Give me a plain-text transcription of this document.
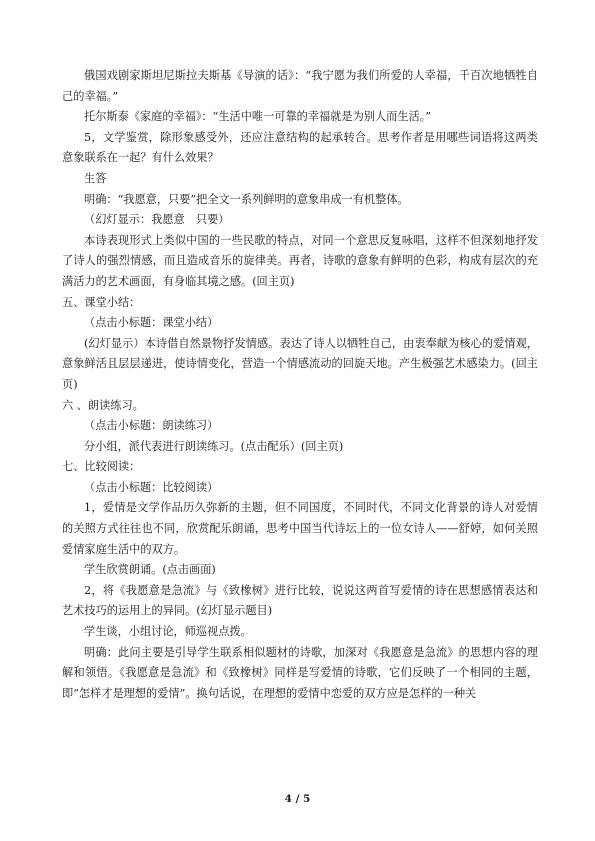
俄国戏剧家斯坦尼斯拉夫斯基《导演的话》：“我宁愿为我们所爱的人幸福，千百次地牺牲自己的幸福。”

托尔斯泰《家庭的幸福》：“生活中唯一可靠的幸福就是为别人而生活。”

5，文学鉴赏，除形象感受外，还应注意结构的起承转合。思考作者是用哪些词语将这两类意象联系在一起？有什么效果？

生答

明确：“我愿意，只要”把全文一系列鲜明的意象串成一有机整体。

（幻灯显示：我愿意　只要）

本诗表现形式上类似中国的一些民歌的特点，对同一个意思反复咏唱，这样不但深刻地抒发了诗人的强烈情感，而且造成音乐的旋律美。再者，诗歌的意象有鲜明的色彩，构成有层次的充满活力的艺术画面，有身临其境之感。(回主页)

五、课堂小结：

（点击小标题：课堂小结）

(幻灯显示）本诗借自然景物抒发情感。表达了诗人以牺牲自己，由衷奉献为核心的爱情观，意象鲜活且层层递进，使诗情变化，营造一个情感流动的回旋天地。产生极强艺术感染力。(回主页)

六 、朗读练习。

（点击小标题：朗读练习）

分小组，派代表进行朗读练习。(点击配乐）(回主页)

七、比较阅读：

（点击小标题：比较阅读）

1，爱情是文学作品历久弥新的主题，但不同国度，不同时代，不同文化背景的诗人对爱情的关照方式往往也不同，欣赏配乐朗诵，思考中国当代诗坛上的一位女诗人——舒婷，如何关照爱情家庭生活中的双方。

学生欣赏朗诵。(点击画面)

2，将《我愿意是急流》与《致橡树》进行比较，说说这两首写爱情的诗在思想感情表达和艺术技巧的运用上的异同。(幻灯显示题目)

学生谈，小组讨论，师巡视点拨。

明确：此问主要是引导学生联系相似题材的诗歌，加深对《我愿意是急流》的思想内容的理解和领悟。《我愿意是急流》和《致橡树》同样是写爱情的诗歌，它们反映了一个相同的主题，即“怎样才是理想的爱情”。换句话说，在理想的爱情中恋爱的双方应是怎样的一种关

4 / 5
